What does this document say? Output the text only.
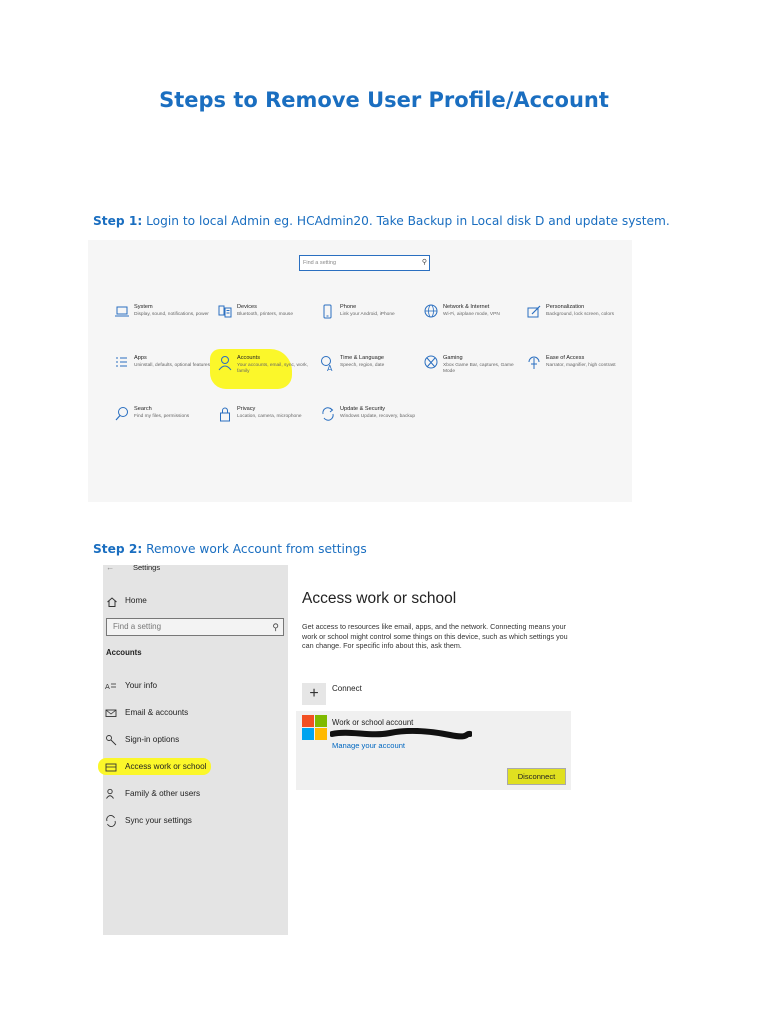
Steps to Remove User Profile/Account
Step 1: Login to local Admin eg. HCAdmin20. Take Backup in Local disk D and update system.
Find a setting	⚲
System
Display, sound, notifications, power
Devices
Bluetooth, printers, mouse
Phone
Link your Android, iPhone
Network & Internet
Wi-Fi, airplane mode, VPN
Personalization
Background, lock screen, colors
Apps
Uninstall, defaults, optional features
Accounts
Your accounts, email, sync, work, family	A
Time & Language
Speech, region, date
Gaming
Xbox Game Bar, captures, Game Mode
Ease of Access
Narrator, magnifier, high contrast
Search
Find my files, permissions
Privacy
Location, camera, microphone
Update & Security
Windows Update, recovery, backup
Step 2: Remove work Account from settings
←	Settings
Home
Find a setting	⚲
Accounts
A Your info
Email & accounts
Sign-in options
Access work or school
Family & other users
Sync your settings
Access work or school
Get access to resources like email, apps, and the network. Connecting means your work or school might control some things on this device, such as which settings you can change. For specific info about this, ask them.
+	Connect
Work or school account
Manage your account
Disconnect
